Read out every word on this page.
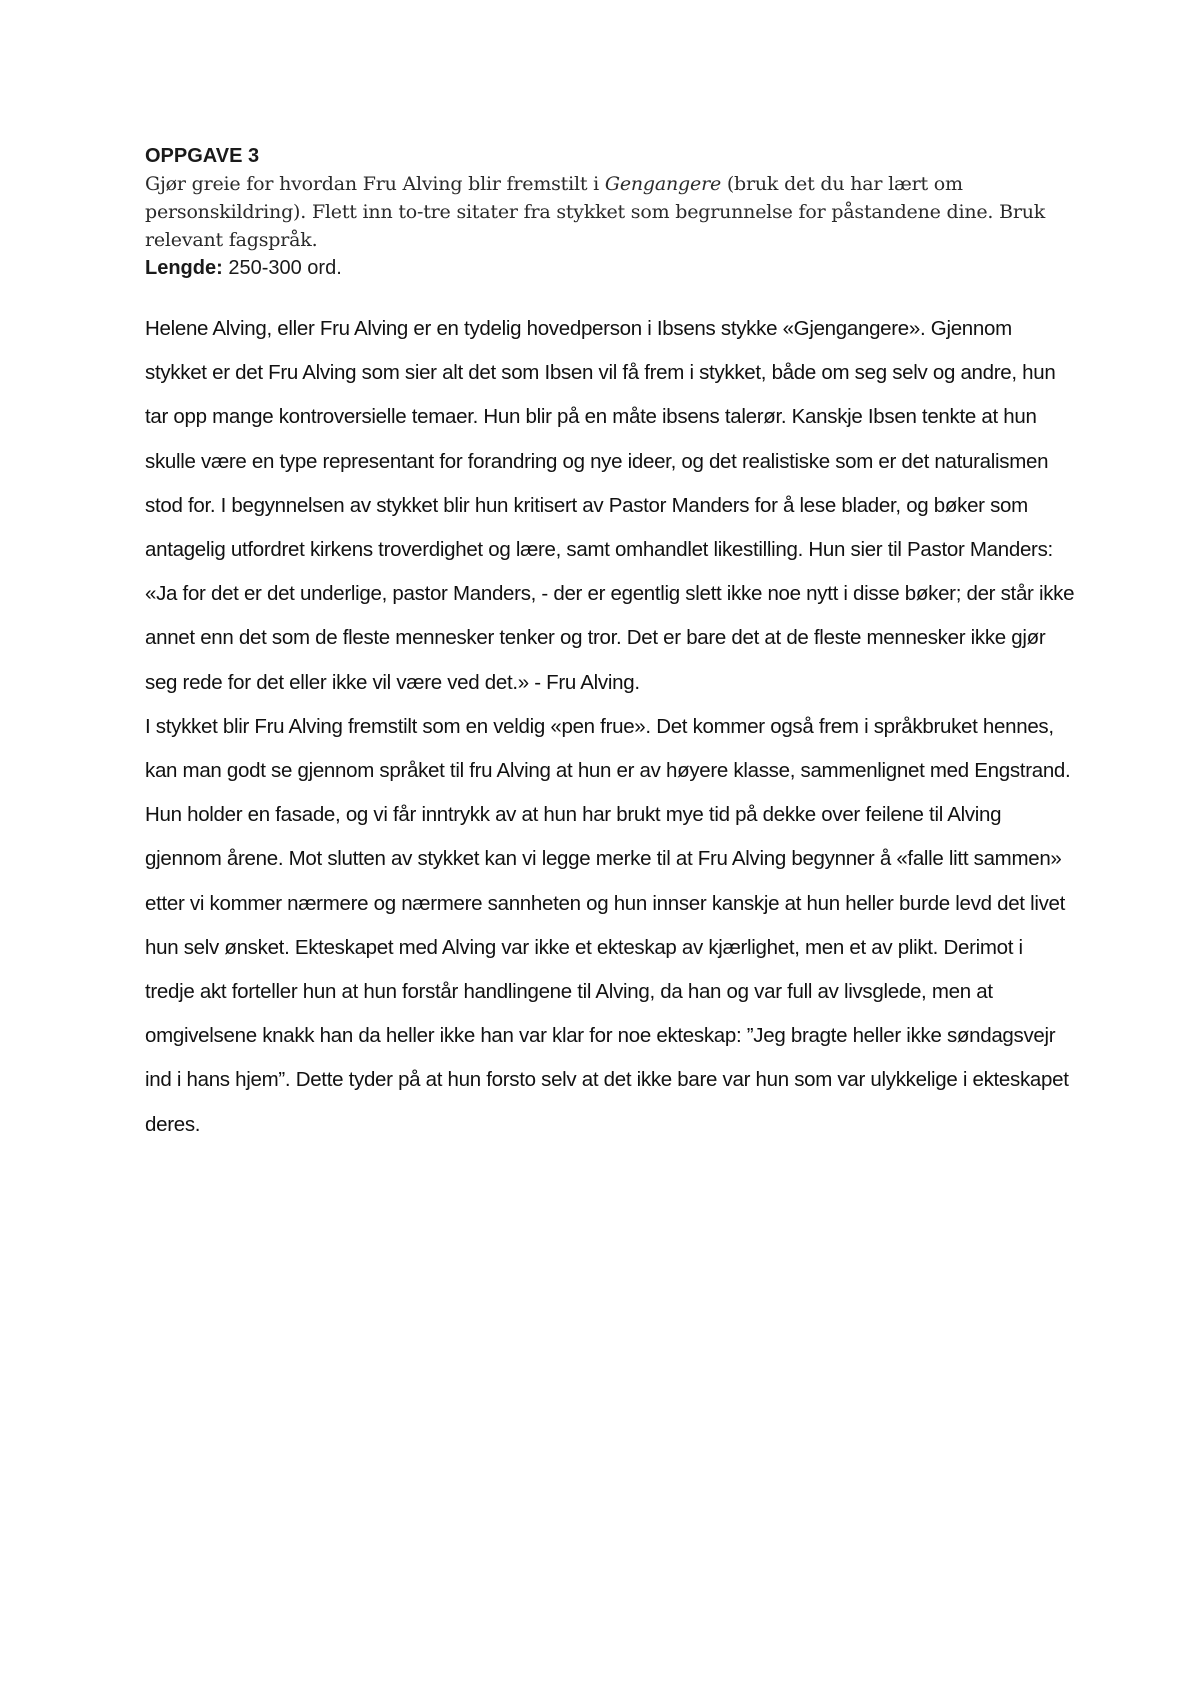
OPPGAVE 3

Gjør greie for hvordan Fru Alving blir fremstilt i Gengangere (bruk det du har lært om personskildring). Flett inn to-tre sitater fra stykket som begrunnelse for påstandene dine. Bruk relevant fagspråk.

Lengde: 250-300 ord.

Helene Alving, eller Fru Alving er en tydelig hovedperson i Ibsens stykke «Gjengangere». Gjennom stykket er det Fru Alving som sier alt det som Ibsen vil få frem i stykket, både om seg selv og andre, hun tar opp mange kontroversielle temaer. Hun blir på en måte ibsens talerør. Kanskje Ibsen tenkte at hun skulle være en type representant for forandring og nye ideer, og det realistiske som er det naturalismen stod for. I begynnelsen av stykket blir hun kritisert av Pastor Manders for å lese blader, og bøker som antagelig utfordret kirkens troverdighet og lære, samt omhandlet likestilling. Hun sier til Pastor Manders: «Ja for det er det underlige, pastor Manders, - der er egentlig slett ikke noe nytt i disse bøker; der står ikke annet enn det som de fleste mennesker tenker og tror. Det er bare det at de fleste mennesker ikke gjør seg rede for det eller ikke vil være ved det.» - Fru Alving.

I stykket blir Fru Alving fremstilt som en veldig «pen frue». Det kommer også frem i språkbruket hennes, kan man godt se gjennom språket til fru Alving at hun er av høyere klasse, sammenlignet med Engstrand. Hun holder en fasade, og vi får inntrykk av at hun har brukt mye tid på dekke over feilene til Alving gjennom årene. Mot slutten av stykket kan vi legge merke til at Fru Alving begynner å «falle litt sammen» etter vi kommer nærmere og nærmere sannheten og hun innser kanskje at hun heller burde levd det livet hun selv ønsket. Ekteskapet med Alving var ikke et ekteskap av kjærlighet, men et av plikt. Derimot i tredje akt forteller hun at hun forstår handlingene til Alving, da han og var full av livsglede, men at omgivelsene knakk han da heller ikke han var klar for noe ekteskap: ”Jeg bragte heller ikke søndagsvejr ind i hans hjem”. Dette tyder på at hun forsto selv at det ikke bare var hun som var ulykkelige i ekteskapet deres.
